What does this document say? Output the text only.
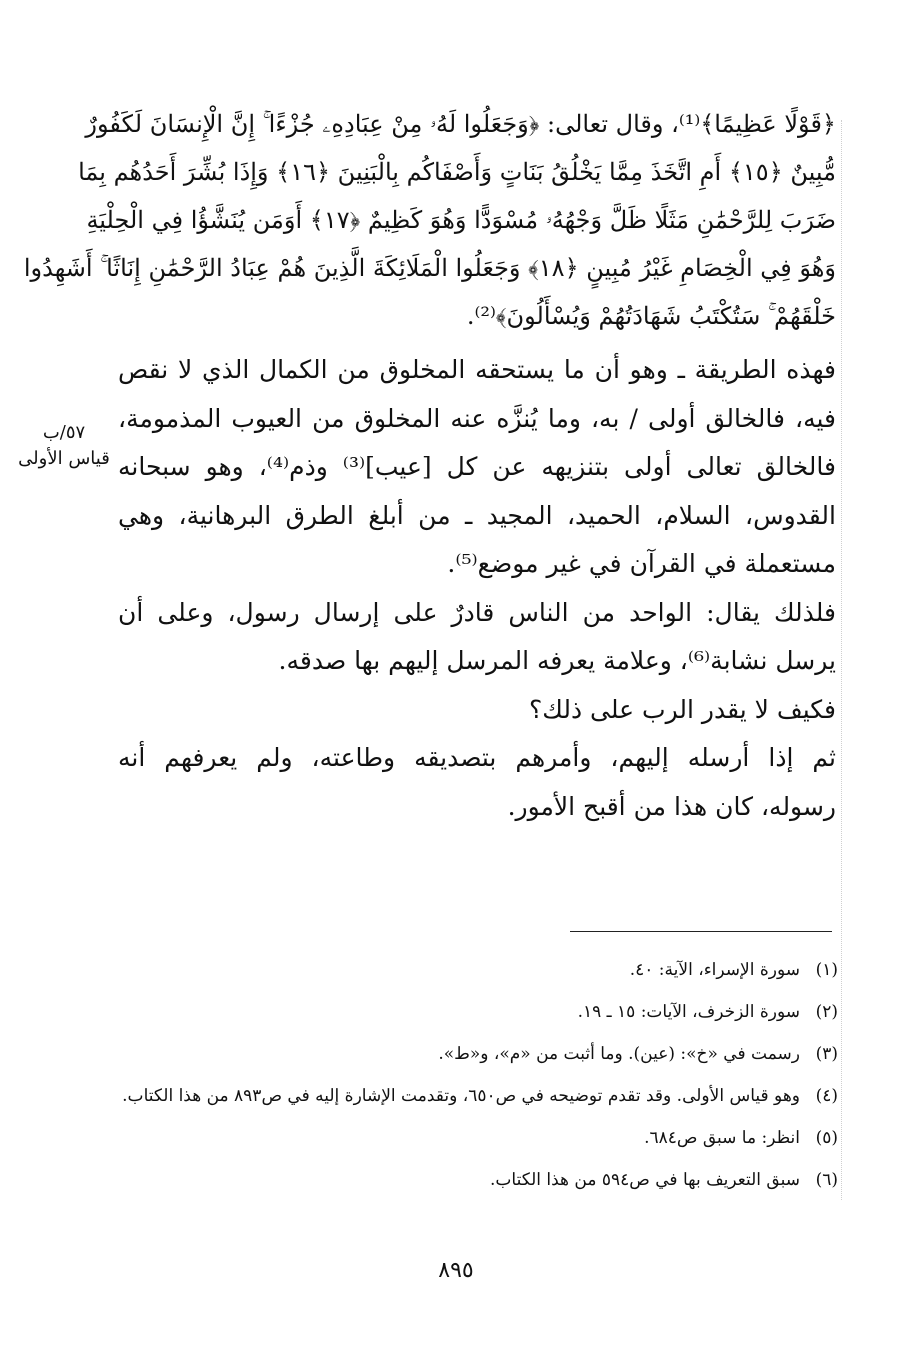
﴿قَوْلًا عَظِيمًا﴾⁽¹⁾، وقال تعالى: ﴿وَجَعَلُوا لَهُۥ مِنْ عِبَادِهِۦ جُزْءًا ۚ إِنَّ الْإِنسَانَ لَكَفُورٌ
مُّبِينٌ ﴿١٥﴾ أَمِ اتَّخَذَ مِمَّا يَخْلُقُ بَنَاتٍ وَأَصْفَاكُم بِالْبَنِينَ ﴿١٦﴾ وَإِذَا بُشِّرَ أَحَدُهُم بِمَا
ضَرَبَ لِلرَّحْمَٰنِ مَثَلًا ظَلَّ وَجْهُهُۥ مُسْوَدًّا وَهُوَ كَظِيمٌ ﴿١٧﴾ أَوَمَن يُنَشَّؤُا فِي الْحِلْيَةِ
وَهُوَ فِي الْخِصَامِ غَيْرُ مُبِينٍ ﴿١٨﴾ وَجَعَلُوا الْمَلَائِكَةَ الَّذِينَ هُمْ عِبَادُ الرَّحْمَٰنِ إِنَاثًا ۚ أَشَهِدُوا
خَلْقَهُمْ ۚ سَتُكْتَبُ شَهَادَتُهُمْ وَيُسْأَلُونَ﴾⁽²⁾.
فهذه الطريقة ـ وهو أن ما يستحقه المخلوق من الكمال الذي لا نقص
فيه، فالخالق أولى / به، وما يُنزَّه عنه المخلوق من العيوب المذمومة،
فالخالق تعالى أولى بتنزيهه عن كل [عيب]⁽³⁾ وذم⁽⁴⁾، وهو سبحانه
القدوس، السلام، الحميد، المجيد ـ من أبلغ الطرق البرهانية، وهي
مستعملة في القرآن في غير موضع⁽⁵⁾.
فلذلك يقال: الواحد من الناس قادرٌ على إرسال رسول، وعلى أن
يرسل نشابة⁽⁶⁾، وعلامة يعرفه المرسل إليهم بها صدقه.
فكيف لا يقدر الرب على ذلك؟
ثم إذا أرسله إليهم، وأمرهم بتصديقه وطاعته، ولم يعرفهم أنه
رسوله، كان هذا من أقبح الأمور.
٥٧/ب
قياس الأولى
(١)
سورة الإسراء، الآية: ٤٠.
(٢)
سورة الزخرف، الآيات: ١٥ ـ ١٩.
(٣)
رسمت في «خ»: (عين). وما أثبت من «م»، و«ط».
(٤)
وهو قياس الأولى. وقد تقدم توضيحه في ص٦٥٠، وتقدمت الإشارة إليه في ص٨٩٣ من هذا الكتاب.
(٥)
انظر: ما سبق ص٦٨٤.
(٦)
سبق التعريف بها في ص٥٩٤ من هذا الكتاب.
٨٩٥
